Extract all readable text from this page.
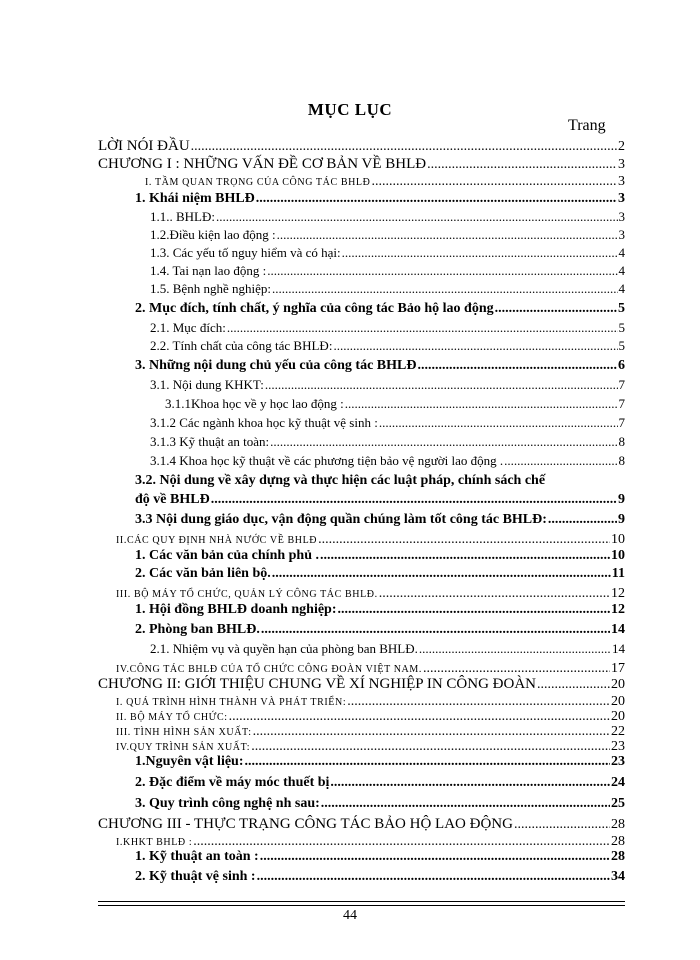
MỤC LỤC
Trang
LỜI NÓI ĐẦU .....	2
CHƯƠNG I : NHỮNG VẤN ĐỀ CƠ BẢN VỀ BHLĐ .....	3
I. TẦM QUAN TRỌNG CỦA CÔNG TÁC BHLĐ .....	3
1. Khái niệm BHLĐ .....	3
1.1.. BHLĐ: .....	3
1.2.Điều kiện lao động : .....	3
1.3. Các yếu tố nguy hiểm và có hại: .....	4
1.4. Tai nạn lao động : .....	4
1.5. Bệnh nghề nghiệp: .....	4
2. Mục đích, tính chất, ý nghĩa của công tác Bảo hộ lao động .....	5
2.1. Mục đích: .....	5
2.2. Tính chất của công tác BHLĐ: .....	5
3. Những nội dung chủ yếu của công tác BHLĐ .....	6
3.1. Nội dung KHKT: .....	7
3.1.1Khoa học về y học lao động : .....	7
3.1.2 Các ngành khoa học kỹ thuật vệ sinh : .....	7
3.1.3 Kỹ thuật an toàn: .....	8
3.1.4 Khoa học kỹ thuật về các phương tiện bảo vệ người lao động . .....	8
3.2. Nội dung về xây dựng và thực hiện các luật pháp, chính sách chế
độ về BHLĐ .....	9
3.3 Nội dung giáo dục, vận động quần chúng làm tốt công tác BHLĐ: .....	9
II.CÁC QUY ĐỊNH NHÀ NƯỚC VỀ BHLĐ .....	10
1. Các văn bản của chính phủ . .....	10
2. Các văn bản liên bộ. .....	11
III. BỘ MÁY TỔ CHỨC, QUẢN LÝ CÔNG TÁC BHLĐ. .....	12
1. Hội đồng BHLĐ doanh nghiệp: .....	12
2. Phòng ban BHLĐ. .....	14
2.1. Nhiệm vụ và quyền hạn của phòng ban BHLĐ. .....	14
IV.CÔNG TÁC BHLĐ CỦA TỔ CHỨC CÔNG ĐOÀN VIỆT NAM. .....	17
CHƯƠNG II: GIỚI THIỆU CHUNG VỀ XÍ NGHIỆP IN CÔNG ĐOÀN .....	20
I. QUÁ TRÌNH HÌNH THÀNH VÀ PHÁT TRIỂN: .....	20
II. BỘ MÁY TỔ CHỨC: .....	20
III. TÌNH HÌNH SẢN XUẤT: .....	22
IV.QUY TRÌNH SẢN XUẤT: .....	23
1.Nguyên vật liệu: .....	23
2. Đặc điểm về máy móc thuết bị .....	24
3. Quy trình công nghệ nh sau: .....	25
CHƯƠNG III - THỰC TRẠNG CÔNG TÁC BẢO HỘ LAO ĐỘNG .....	28
I.KHKT BHLĐ : .....	28
1. Kỹ thuật an toàn : .....	28
2. Kỹ thuật vệ sinh : .....	34
44
